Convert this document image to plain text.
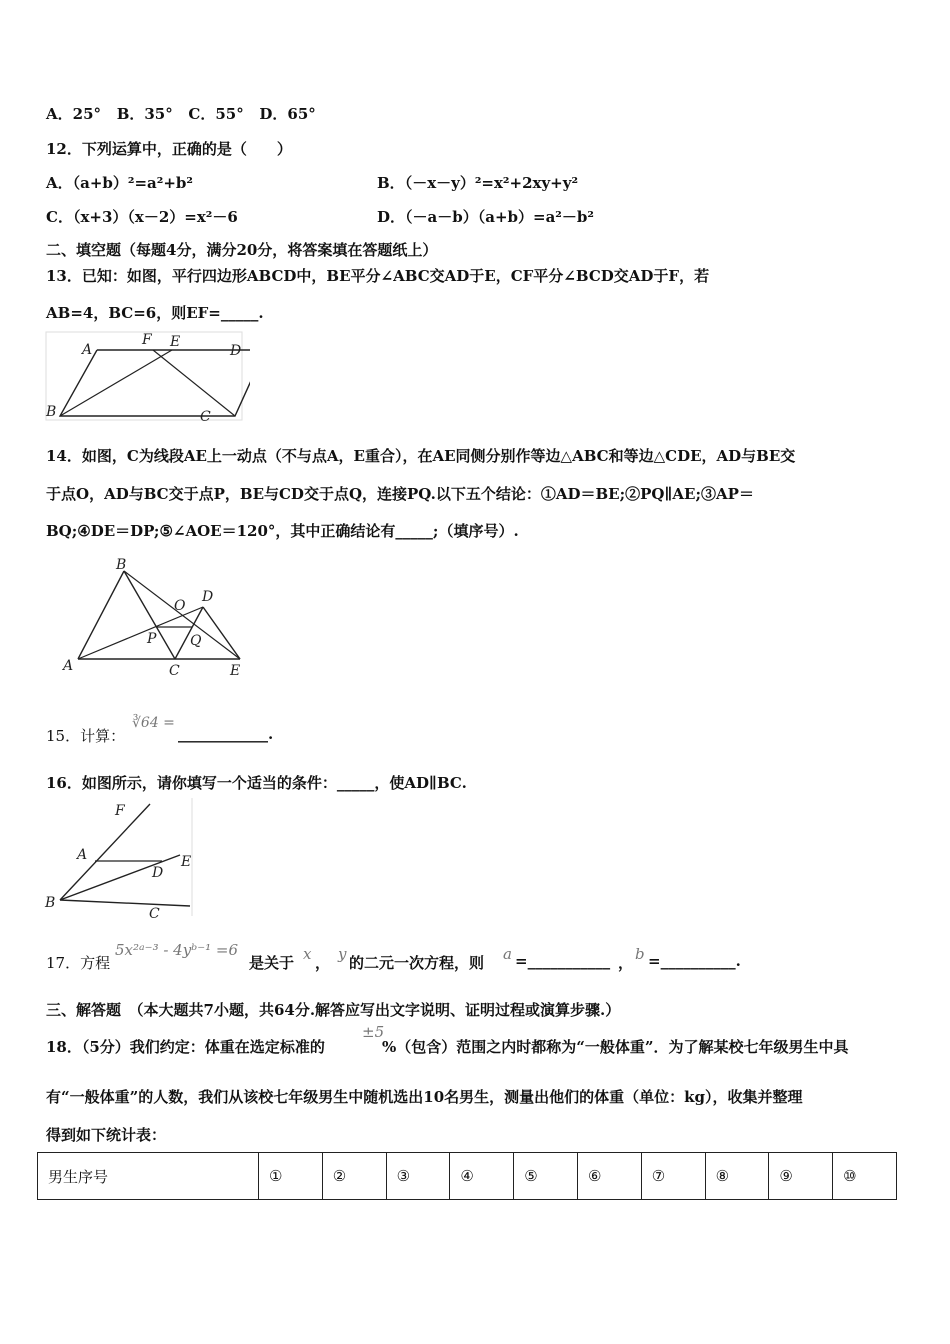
A．25° B．35° C．55° D．65°
12．下列运算中，正确的是（　　）
A．（a+b）²=a²+b²	B．（－x－y）²=x²+2xy+y²
C．（x+3）（x－2）=x²－6	D．（－a－b）（a+b）=a²－b²
二、填空题（每题4分，满分20分，将答案填在答题纸上）
13．已知：如图，平行四边形ABCD中，BE平分∠ABC交AD于E，CF平分∠BCD交AD于F，若
AB=4，BC=6，则EF=_____.
A
F E
D
B	C
14．如图，C为线段AE上一动点（不与点A，E重合），在AE同侧分别作等边△ABC和等边△CDE，AD与BE交
于点O，AD与BC交于点P，BE与CD交于点Q，连接PQ.以下五个结论：①AD＝BE;②PQ∥AE;③AP＝
BQ;④DE＝DP;⑤∠AOE＝120°，其中正确结论有_____;（填序号）.
B
O
D
P Q
A	C	E
15．计算：
∛64 =
____________.
16．如图所示，请你填写一个适当的条件：_____，使AD∥BC.
F
A
D
E
B
C
17．方程
5x²ᵃ⁻³ - 4yᵇ⁻¹ =6
是关于 x ， y 的二元一次方程，则 a =___________ ， b =__________.
三、解答题　（本大题共7小题，共64分.解答应写出文字说明、证明过程或演算步骤.）
18．（5分）我们约定：体重在选定标准的
±5
%（包含）范围之内时都称为“一般体重”．为了解某校七年级男生中具
有“一般体重”的人数，我们从该校七年级男生中随机选出10名男生，测量出他们的体重（单位：kg），收集并整理
得到如下统计表：
男生序号	①	②	③	④	⑤	⑥	⑦	⑧	⑨	⑩
